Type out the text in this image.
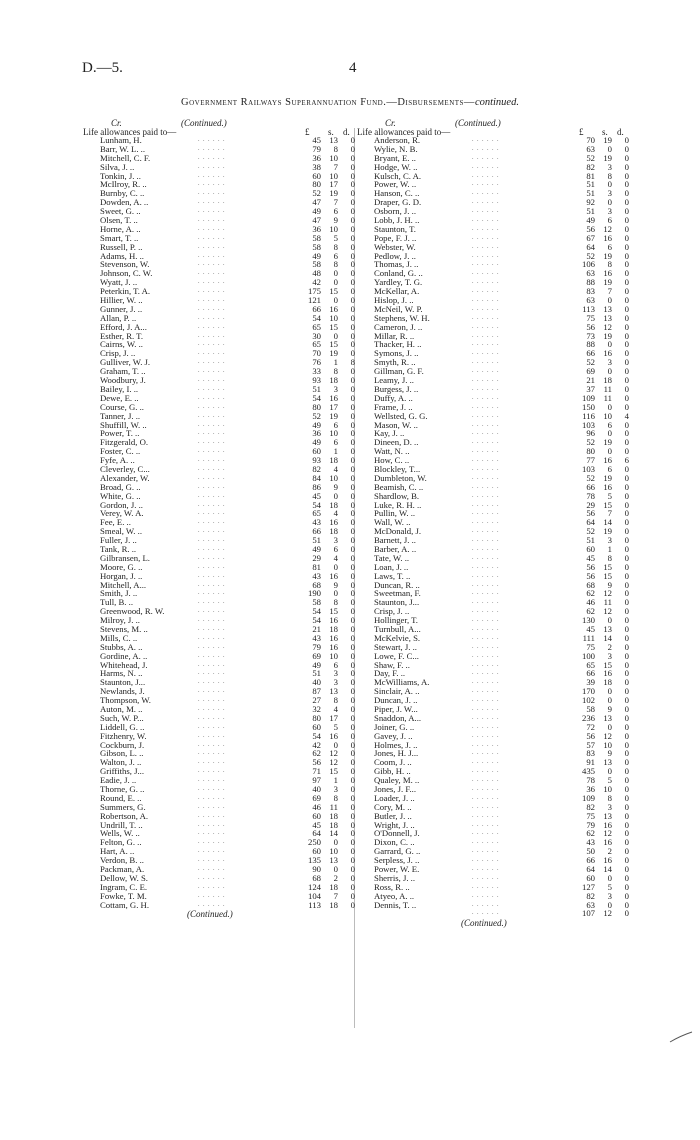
D.—5.	4
Government Railways Superannuation Fund.—Disbursements—continued.
Cr.	(Continued.)
Life allowances paid to—	£ s. d.
Lunham, H.	. . . . . .	45 13	0
Barr, W. L. ..	. . . . . .	79	8	0
Mitchell, C. F.	. . . . . .	36 10	0
Silva, J. ..	. . . . . .	38	7	0
Tonkin, J. ..	. . . . . .	60 10	0
McIlroy, R. ..	. . . . . .	80 17	0
Burnby, C. ..	. . . . . .	52 19	0
Dowden, A. ..	. . . . . .	47	7	0
Sweet, G. ..	. . . . . .	49	6	0
Olsen, T. ..	. . . . . .	47	9	0
Horne, A. ..	. . . . . .	36 10	0
Smart, T. ..	. . . . . .	58	5	0
Russell, P. ..	. . . . . .	58	8	0
Adams, H. ..	. . . . . .	49	6	0
Stevenson, W.	. . . . . .	58	8	0
Johnson, C. W.	. . . . . .	48	0	0
Wyatt, J. ..	. . . . . .	42	0	0
Peterkin, T. A.	. . . . . .	175 15	0
Hillier, W. ..	. . . . . .	121	0	0
Gunner, J. ..	. . . . . .	66 16	0
Allan, P. ..	. . . . . .	54 10	0
Efford, J. A...	. . . . . .	65 15	0
Esther, R. T.	. . . . . .	30	0	0
Cairns, W. ..	. . . . . .	65 15	0
Crisp, J. ..	. . . . . .	70 19	0
Gulliver, W. J.	. . . . . .	76	1	8
Graham, T. ..	. . . . . .	33	8	0
Woodbury, J.	. . . . . .	93 18	0
Bailey, I. ..	. . . . . .	51	3	0
Dewe, E. ..	. . . . . .	54 16	0
Course, G. ..	. . . . . .	80 17	0
Tanner, J. ..	. . . . . .	52 19	0
Shuffill, W. ..	. . . . . .	49	6	0
Power, T. ..	. . . . . .	36 10	0
Fitzgerald, O.	. . . . . .	49	6	0
Foster, C. ..	. . . . . .	60	1	0
Fyfe, A. ..	. . . . . .	93 18	0
Cleverley, C...	. . . . . .	82	4	0
Alexander, W.	. . . . . .	84 10	0
Broad, G. ..	. . . . . .	86	9	0
White, G. ..	. . . . . .	45	0	0
Gordon, J. ..	. . . . . .	54 18	0
Verey, W. A.	. . . . . .	65	4	0
Fee, E. ..	. . . . . .	43 16	0
Smeal, W. ..	. . . . . .	66 18	0
Fuller, J. ..	. . . . . .	51	3	0
Tank, R. ..	. . . . . .	49	6	0
Gilbransen, L.	. . . . . .	29	4	0
Moore, G. ..	. . . . . .	81	0	0
Horgan, J. ..	. . . . . .	43 16	0
Mitchell, A...	. . . . . .	68	9	0
Smith, J. ..	. . . . . .	190	0	0
Tull, B. ..	. . . . . .	58	8	0
Greenwood, R. W.	. . . . . .	54 15	0
Milroy, J. ..	. . . . . .	54 16	0
Stevens, M. ..	. . . . . .	21 18	0
Mills, C. ..	. . . . . .	43 16	0
Stubbs, A. ..	. . . . . .	79 16	0
Gordine, A. ..	. . . . . .	69 10	0
Whitehead, J.	. . . . . .	49	6	0
Harms, N. ..	. . . . . .	51	3	0
Staunton, J...	. . . . . .	40	3	0
Newlands, J.	. . . . . .	87 13	0
Thompson, W.	. . . . . .	27	8	0
Auton, M. ..	. . . . . .	32	4	0
Such, W. P...	. . . . . .	80 17	0
Liddell, G. ..	. . . . . .	60	5	0
Fitzhenry, W.	. . . . . .	54 16	0
Cockburn, J.	. . . . . .	42	0	0
Gibson, L. ..	. . . . . .	62 12	0
Walton, J. ..	. . . . . .	56 12	0
Griffiths, J...	. . . . . .	71 15	0
Eadie, J. ..	. . . . . .	97	1	0
Thorne, G. ..	. . . . . .	40	3	0
Round, E. ..	. . . . . .	69	8	0
Summers, G.	. . . . . .	46 11	0
Robertson, A.	. . . . . .	60 18	0
Undrill, T. ..	. . . . . .	45 18	0
Wells, W. ..	. . . . . .	64 14	0
Felton, G. ..	. . . . . .	250	0	0
Hart, A. ..	. . . . . .	60 10	0
Verdon, B. ..	. . . . . .	135 13	0
Packman, A.	. . . . . .	90	0	0
Dellow, W. S.	. . . . . .	68	2	0
Ingram, C. E.	. . . . . .	124 18	0
Fowke, T. M.	. . . . . .	104	7	0
Cottam, G. H.	. . . . . .	113 18	0
(Continued.)
Cr.	(Continued.)
Life allowances paid to—	£ s. d.
Anderson, R.	. . . . . .	70 19	0
Wylie, N. B.	. . . . . .	63	0	0
Bryant, E. ..	. . . . . .	52 19	0
Hodge, W. ..	. . . . . .	82	3	0
Kulsch, C. A.	. . . . . .	81	8	0
Power, W. ..	. . . . . .	51	0	0
Hanson, C. ..	. . . . . .	51	3	0
Draper, G. D.	. . . . . .	92	0	0
Osborn, J. ..	. . . . . .	51	3	0
Lobb, J. H. ..	. . . . . .	49	6	0
Staunton, T.	. . . . . .	56 12	0
Pope, F. J. ..	. . . . . .	67 16	0
Webster, W.	. . . . . .	64	6	0
Pedlow, J. ..	. . . . . .	52 19	0
Thomas, J. ..	. . . . . .	106	8	0
Conland, G. ..	. . . . . .	63 16	0
Yardley, T. G.	. . . . . .	88 19	0
McKellar, A.	. . . . . .	83	7	0
Hislop, J. ..	. . . . . .	63	0	0
McNeil, W. P.	. . . . . .	113 13	0
Stephens, W. H.	. . . . . .	75 13	0
Cameron, J. ..	. . . . . .	56 12	0
Millar, R. ..	. . . . . .	73 19	0
Thacker, H. ..	. . . . . .	88	0	0
Symons, J. ..	. . . . . .	66 16	0
Smyth, R. ..	. . . . . .	52	3	0
Gillman, G. F.	. . . . . .	69	0	0
Leamy, J. ..	. . . . . .	21 18	0
Burgess, J. ..	. . . . . .	37 11	0
Duffy, A. ..	. . . . . .	109 11	0
Frame, J. ..	. . . . . .	150	0	0
Wellsted, G. G.	. . . . . .	116 10	4
Mason, W. ..	. . . . . .	103	6	0
Kay, J. ..	. . . . . .	96	0	0
Dineen, D. ..	. . . . . .	52 19	0
Watt, N. ..	. . . . . .	80	0	0
How, C. ..	. . . . . .	77 16	6
Blockley, T...	. . . . . .	103	6	0
Dumbleton, W.	. . . . . .	52 19	0
Beamish, C. ..	. . . . . .	66 16	0
Shardlow, B.	. . . . . .	78	5	0
Luke, R. H. ..	. . . . . .	29 15	0
Pullin, W. ..	. . . . . .	56	7	0
Wall, W. ..	. . . . . .	64 14	0
McDonald, J.	. . . . . .	52 19	0
Barnett, J. ..	. . . . . .	51	3	0
Barber, A. ..	. . . . . .	60	1	0
Tate, W. ..	. . . . . .	45	8	0
Loan, J. ..	. . . . . .	56 15	0
Laws, T. ..	. . . . . .	56 15	0
Duncan, R. ..	. . . . . .	68	9	0
Sweetman, F.	. . . . . .	62 12	0
Staunton, J...	. . . . . .	46 11	0
Crisp, J. ..	. . . . . .	62 12	0
Hollinger, T.	. . . . . .	130	0	0
Turnbull, A...	. . . . . .	45 13	0
McKelvie, S.	. . . . . .	111 14	0
Stewart, J. ..	. . . . . .	75	2	0
Lowe, F. C...	. . . . . .	100	3	0
Shaw, F. ..	. . . . . .	65 15	0
Day, F. ..	. . . . . .	66 16	0
McWilliams, A.	. . . . . .	39 18	0
Sinclair, A. ..	. . . . . .	170	0	0
Duncan, J. ..	. . . . . .	102	0	0
Piper, J. W...	. . . . . .	58	9	0
Snaddon, A...	. . . . . .	236 13	0
Joiner, G. ..	. . . . . .	72	0	0
Gavey, J. ..	. . . . . .	56 12	0
Holmes, J. ..	. . . . . .	57 10	0
Jones, H. J...	. . . . . .	83	9	0
Coom, J. ..	. . . . . .	91 13	0
Gibb, H. ..	. . . . . .	435	0	0
Qualey, M. ..	. . . . . .	78	5	0
Jones, J. F...	. . . . . .	36 10	0
Loader, J. ..	. . . . . .	109	8	0
Cory, M. ..	. . . . . .	82	3	0
Butler, J. ..	. . . . . .	75 13	0
Wright, J. ..	. . . . . .	79 16	0
O'Donnell, J.	. . . . . .	62 12	0
Dixon, C. ..	. . . . . .	43 16	0
Garrard, G. ..	. . . . . .	50	2	0
Serpless, J. ..	. . . . . .	66 16	0
Power, W. E.	. . . . . .	64 14	0
Sherris, J. ..	. . . . . .	60	0	0
Ross, R. ..	. . . . . .	127	5	0
Atyeo, A. ..	. . . . . .	82	3	0
Dennis, T. ..	. . . . . .	63	0	0
. . . . . .	107 12	0
(Continued.)
